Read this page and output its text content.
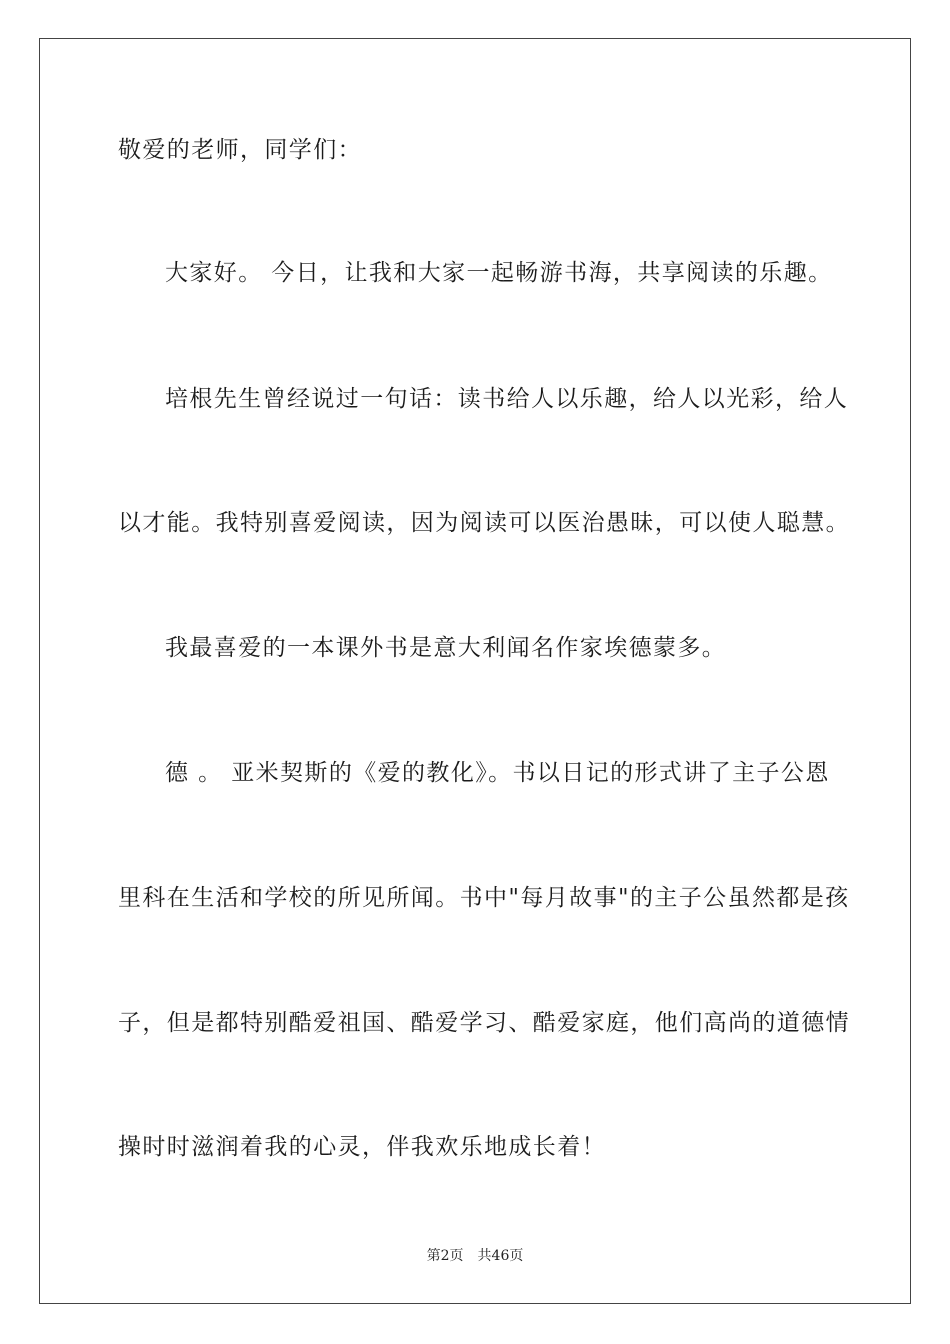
敬爱的老师，同学们：
大家好。 今日，让我和大家一起畅游书海，共享阅读的乐趣。
培根先生曾经说过一句话：读书给人以乐趣，给人以光彩，给人
以才能。我特别喜爱阅读，因为阅读可以医治愚昧，可以使人聪慧。
我最喜爱的一本课外书是意大利闻名作家埃德蒙多。
德 。 亚米契斯的《爱的教化》。书以日记的形式讲了主子公恩
里科在生活和学校的所见所闻。书中"每月故事"的主子公虽然都是孩
子，但是都特别酷爱祖国、酷爱学习、酷爱家庭，他们高尚的道德情
操时时滋润着我的心灵，伴我欢乐地成长着！
第2页 共46页
